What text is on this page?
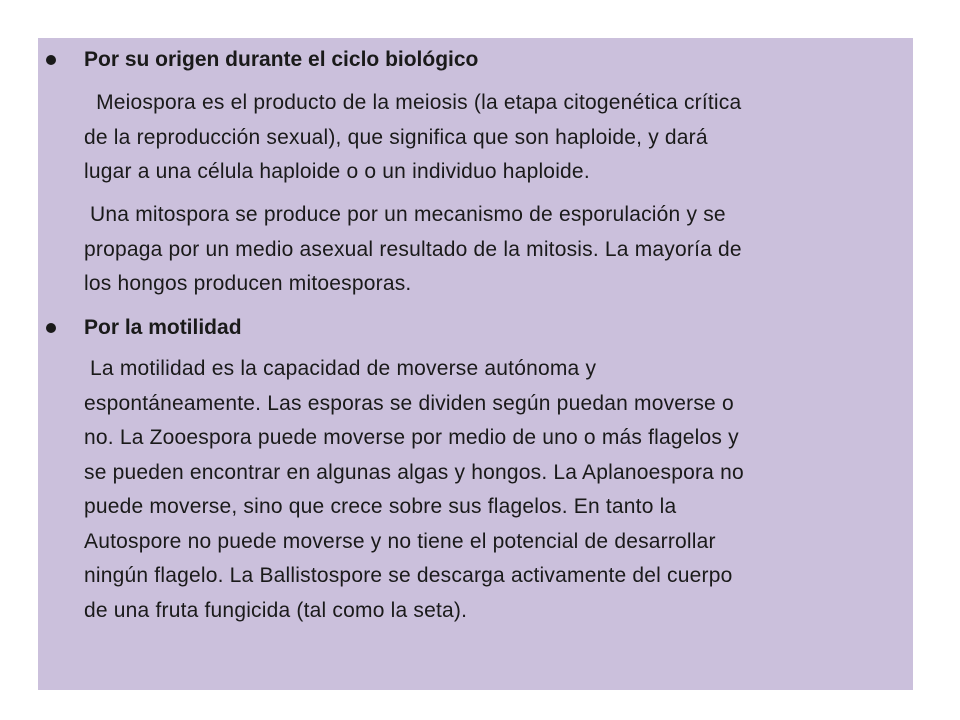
Por su origen durante el ciclo biológico
Meiospora es el producto de la meiosis (la etapa citogenética crítica
de la reproducción sexual), que significa que son haploide, y dará
lugar a una célula haploide o o un individuo haploide.
Una mitospora se produce por un mecanismo de esporulación y se
propaga por un medio asexual resultado de la mitosis. La mayoría de
los hongos producen mitoesporas.
Por la motilidad
La motilidad es la capacidad de moverse autónoma y
espontáneamente. Las esporas se dividen según puedan moverse o
no. La Zooespora puede moverse por medio de uno o más flagelos y
se pueden encontrar en algunas algas y hongos. La Aplanoespora no
puede moverse, sino que crece sobre sus flagelos. En tanto la
Autospore no puede moverse y no tiene el potencial de desarrollar
ningún flagelo. La Ballistospore se descarga activamente del cuerpo
de una fruta fungicida (tal como la seta).
